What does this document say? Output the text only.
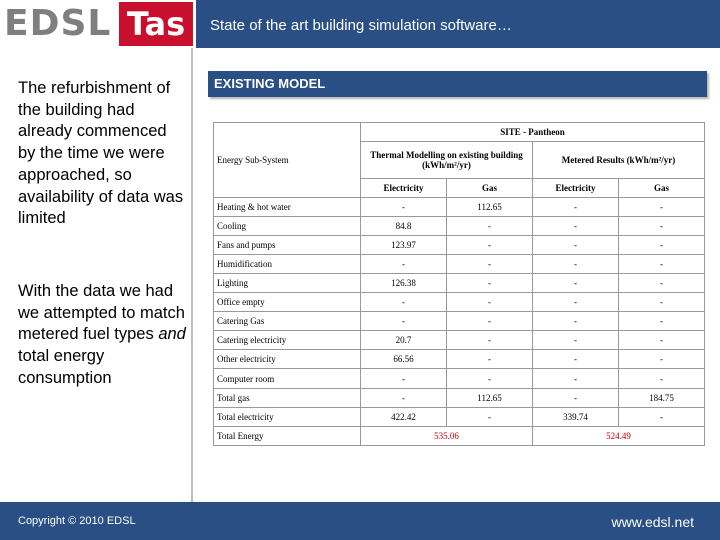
EDSL Tas	State of the art building simulation software…

The refurbishment of the building had already commenced by the time we were approached, so availability of data was limited

With the data we had we attempted to match metered fuel types and total energy consumption

EXISTING MODEL
Energy Sub-System	SITE - Pantheon			
	Thermal Modelling on existing building (kWh/m²/yr)		Metered Results (kWh/m²/yr)	
	Electricity	Gas	Electricity	Gas
Heating & hot water	-	112.65	-	-
Cooling	84.8	-	-	-
Fans and pumps	123.97	-	-	-
Humidification	-	-	-	-
Lighting	126.38	-	-	-
Office empty	-	-	-	-
Catering Gas	-	-	-	-
Catering electricity	20.7	-	-	-
Other electricity	66.56	-	-	-
Computer room	-	-	-	-
Total gas	-	112.65	-	184.75
Total electricity	422.42	-	339.74	-
Total Energy	535.06		524.49	
Copyright © 2010 EDSL	www.edsl.net
